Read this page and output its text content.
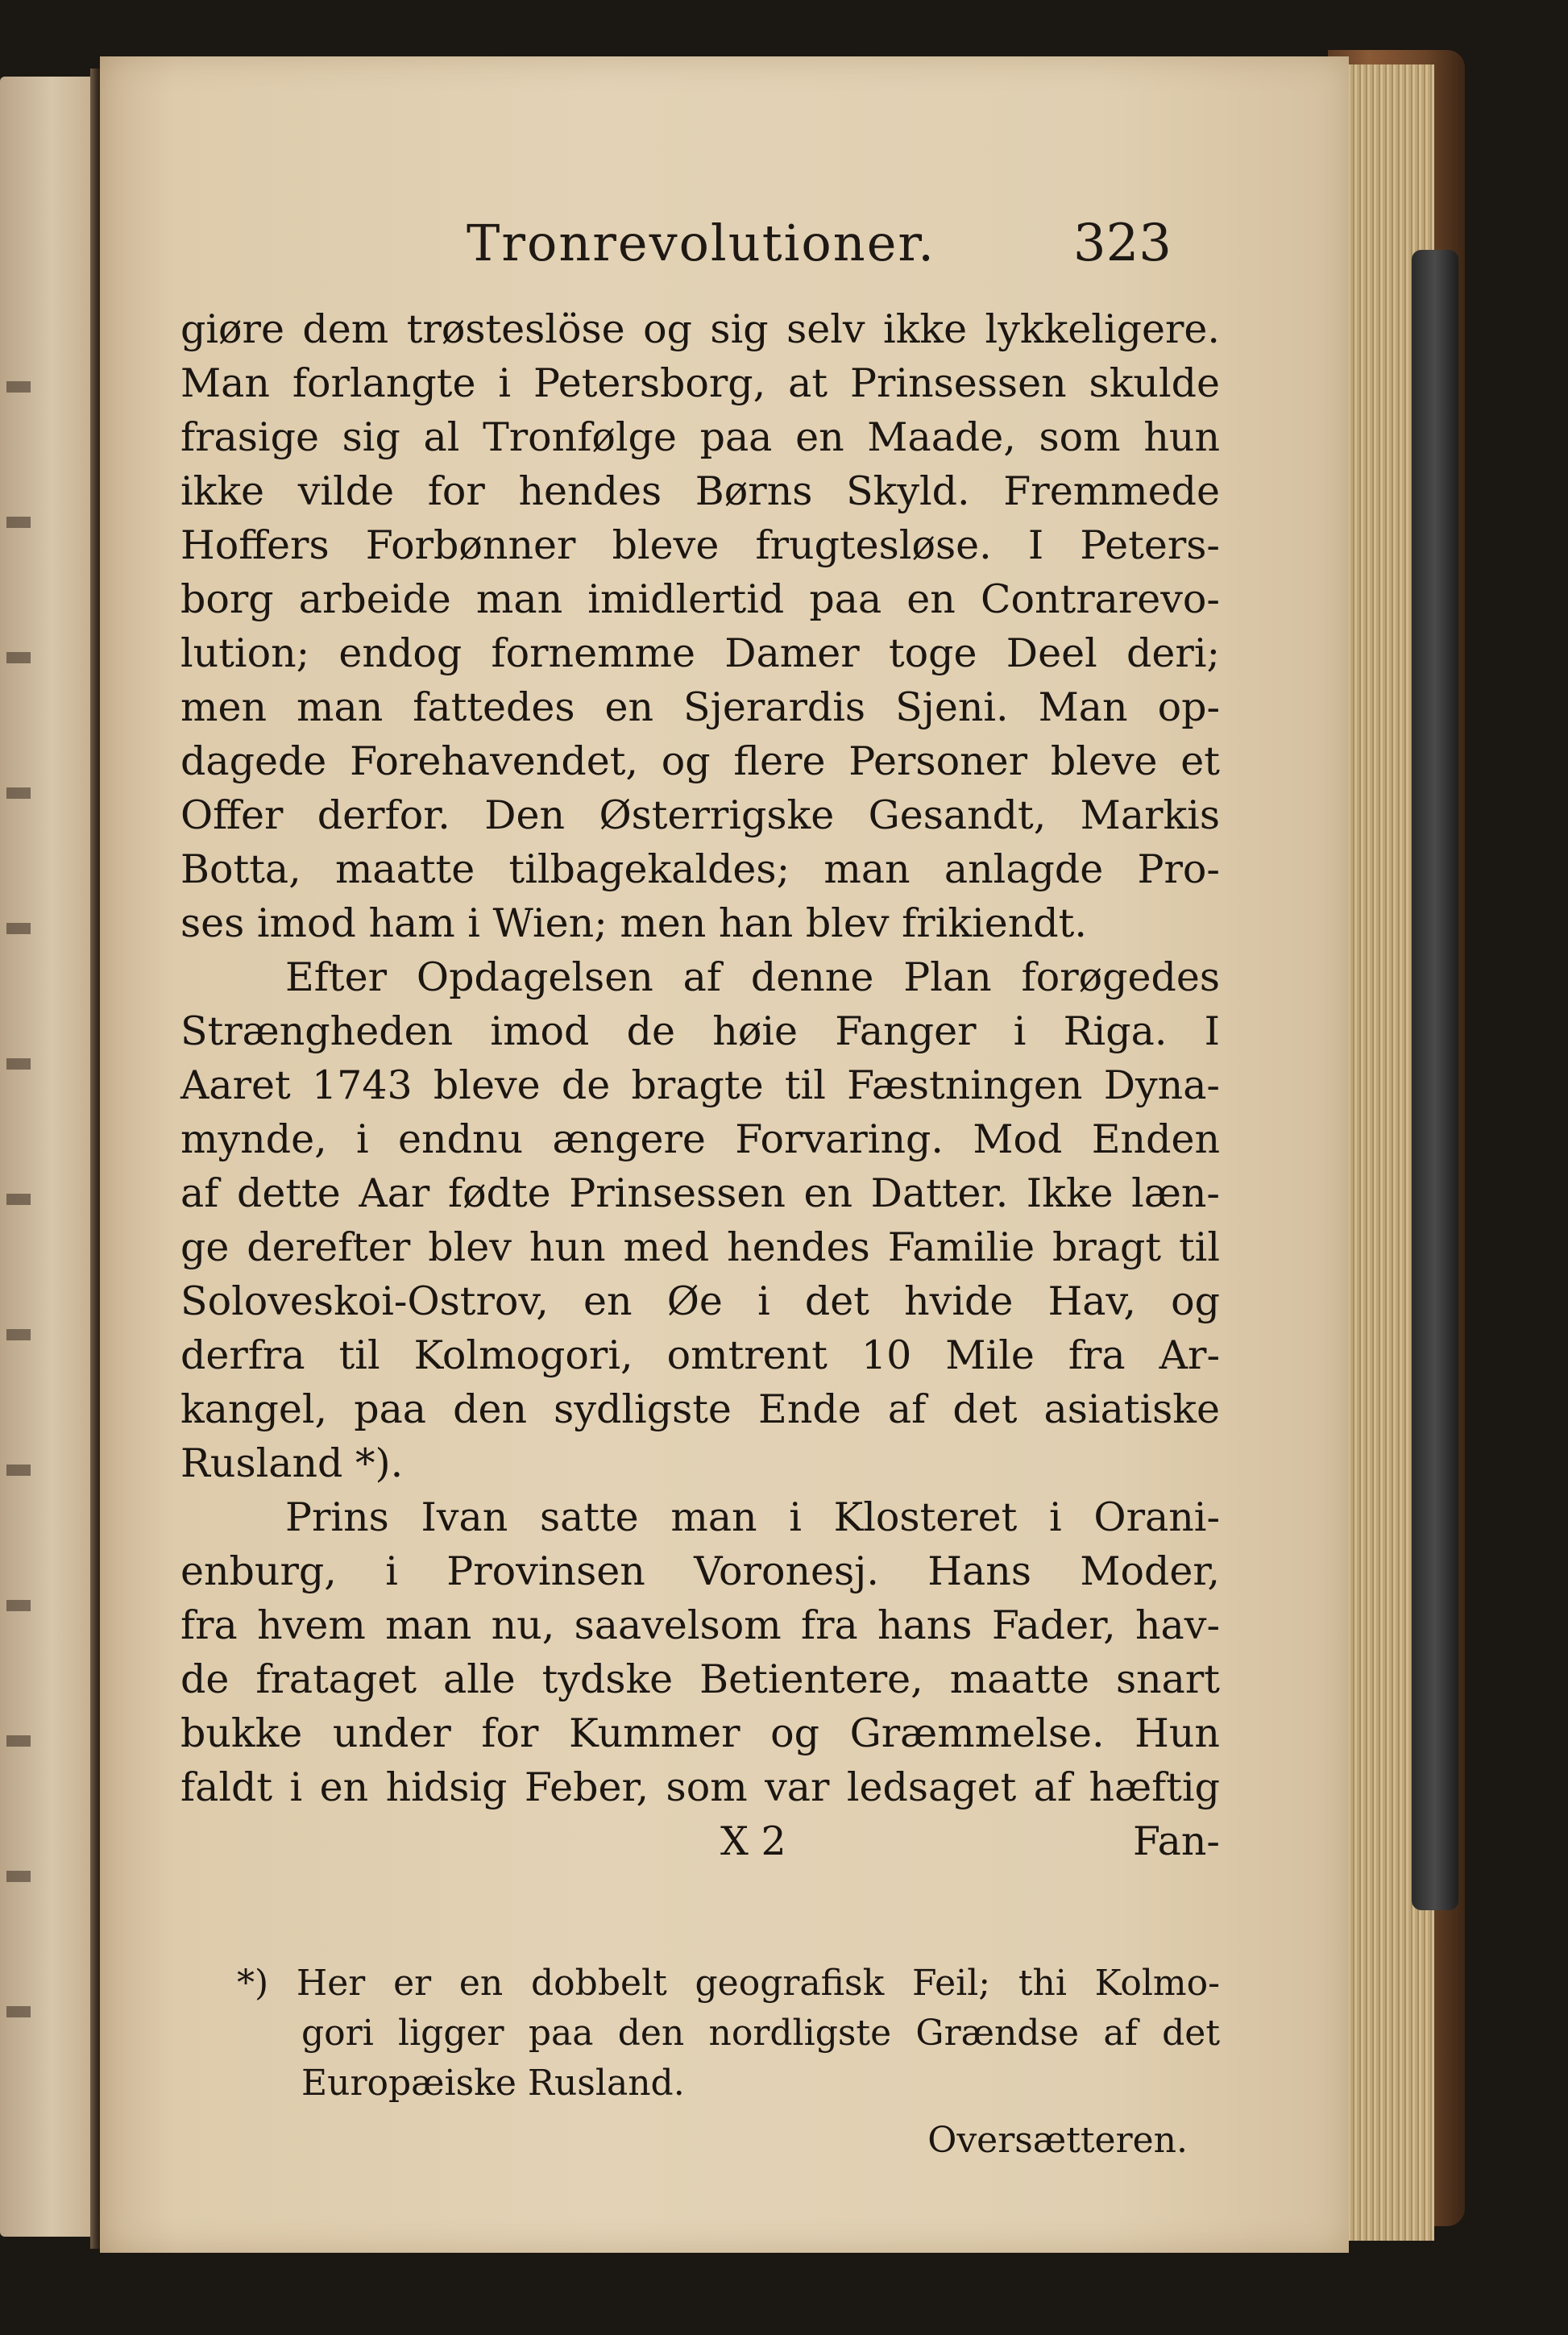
Tronrevolutioner.	323
giøre dem trøsteslöse og sig selv ikke lykkeligere.
Man forlangte i Petersborg, at Prinsessen skulde
frasige sig al Tronfølge paa en Maade, som hun
ikke vilde for hendes Børns Skyld. Fremmede
Hoffers Forbønner bleve frugtesløse. I Peters-
borg arbeide man imidlertid paa en Contrarevo-
lution; endog fornemme Damer toge Deel deri;
men man fattedes en Sjerardis Sjeni. Man op-
dagede Forehavendet, og flere Personer bleve et
Offer derfor. Den Østerrigske Gesandt, Markis
Botta, maatte tilbagekaldes; man anlagde Pro-
ses imod ham i Wien; men han blev frikiendt.
Efter Opdagelsen af denne Plan forøgedes
Strængheden imod de høie Fanger i Riga. I
Aaret 1743 bleve de bragte til Fæstningen Dyna-
mynde, i endnu ængere Forvaring. Mod Enden
af dette Aar fødte Prinsessen en Datter. Ikke læn-
ge derefter blev hun med hendes Familie bragt til
Soloveskoi-Ostrov, en Øe i det hvide Hav, og
derfra til Kolmogori, omtrent 10 Mile fra Ar-
kangel, paa den sydligste Ende af det asiatiske
Rusland *).
Prins Ivan satte man i Klosteret i Orani-
enburg, i Provinsen Voronesj. Hans Moder,
fra hvem man nu, saavelsom fra hans Fader, hav-
de frataget alle tydske Betientere, maatte snart
bukke under for Kummer og Græmmelse. Hun
faldt i en hidsig Feber, som var ledsaget af hæftig
X 2	Fan-
*) Her er en dobbelt geografisk Feil; thi Kolmo-
gori ligger paa den nordligste Grændse af det
Europæiske Rusland.
Oversætteren.
